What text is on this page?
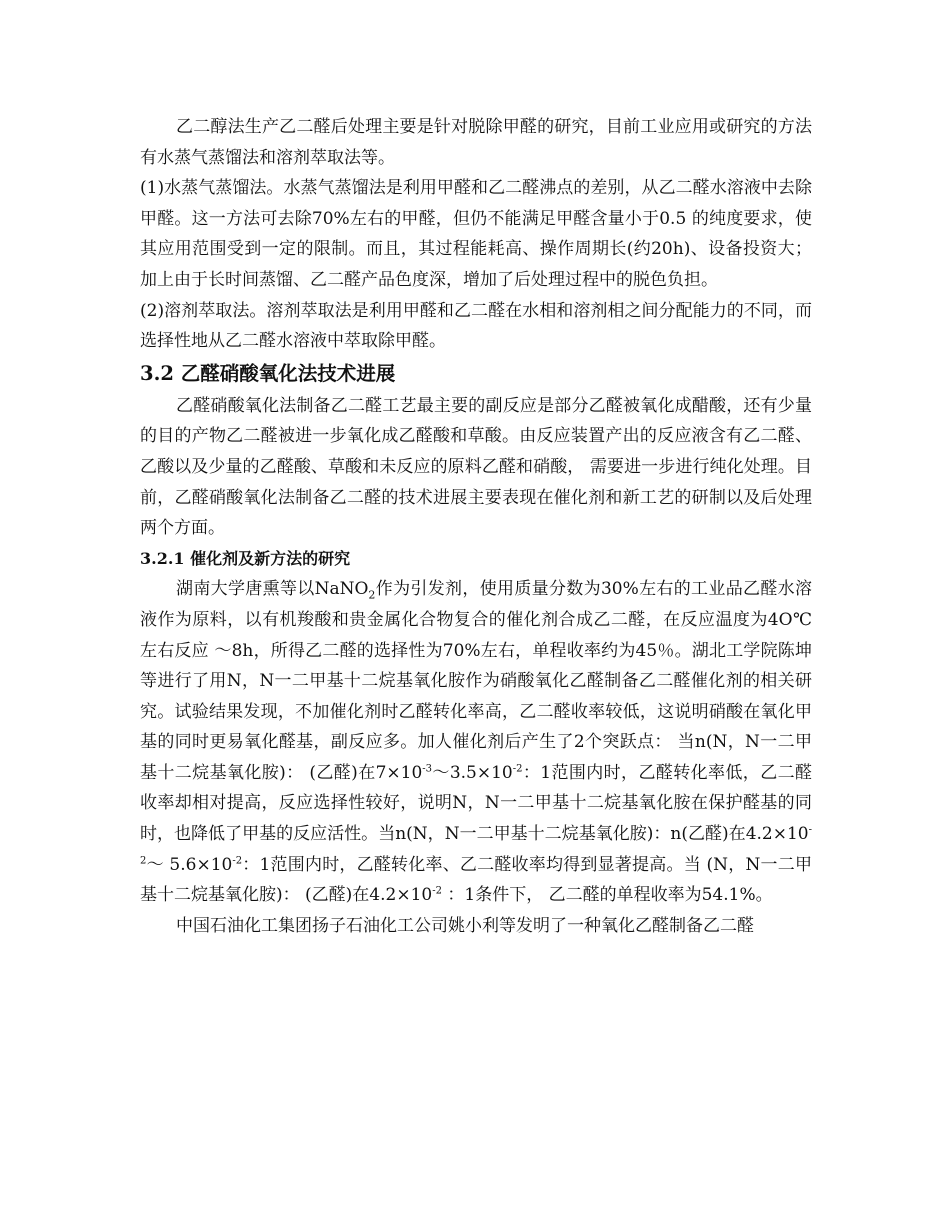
乙二醇法生产乙二醛后处理主要是针对脱除甲醛的研究，目前工业应用或研究的方法有水蒸气蒸馏法和溶剂萃取法等。

(1)水蒸气蒸馏法。水蒸气蒸馏法是利用甲醛和乙二醛沸点的差别，从乙二醛水溶液中去除甲醛。这一方法可去除70%左右的甲醛，但仍不能满足甲醛含量小于0.5 的纯度要求，使其应用范围受到一定的限制。而且，其过程能耗高、操作周期长(约20h)、设备投资大；加上由于长时间蒸馏、乙二醛产品色度深，增加了后处理过程中的脱色负担。

(2)溶剂萃取法。溶剂萃取法是利用甲醛和乙二醛在水相和溶剂相之间分配能力的不同，而选择性地从乙二醛水溶液中萃取除甲醛。

3.2 乙醛硝酸氧化法技术进展

乙醛硝酸氧化法制备乙二醛工艺最主要的副反应是部分乙醛被氧化成醋酸，还有少量的目的产物乙二醛被进一步氧化成乙醛酸和草酸。由反应装置产出的反应液含有乙二醛、乙酸以及少量的乙醛酸、草酸和未反应的原料乙醛和硝酸， 需要进一步进行纯化处理。目前，乙醛硝酸氧化法制备乙二醛的技术进展主要表现在催化剂和新工艺的研制以及后处理两个方面。

3.2.1 催化剂及新方法的研究

湖南大学唐熏等以NaNO$_2$作为引发剂，使用质量分数为30%左右的工业品乙醛水溶液作为原料，以有机羧酸和贵金属化合物复合的催化剂合成乙二醛，在反应温度为4O℃ 左右反应 ～8h，所得乙二醛的选择性为70%左右，单程收率约为45％。湖北工学院陈坤等进行了用N，N一二甲基十二烷基氧化胺作为硝酸氧化乙醛制备乙二醛催化剂的相关研究。试验结果发现，不加催化剂时乙醛转化率高，乙二醛收率较低，这说明硝酸在氧化甲基的同时更易氧化醛基，副反应多。加人催化剂后产生了2个突跃点： 当n(N，N一二甲基十二烷基氧化胺)： (乙醛)在$7\times 10^{-3}\sim 3.5\times 10^{-2}$：1范围内时，乙醛转化率低，乙二醛收率却相对提高，反应选择性较好，说明N，N一二甲基十二烷基氧化胺在保护醛基的同时，也降低了甲基的反应活性。当n(N，N一二甲基十二烷基氧化胺)：n(乙醛)在$4.2\times 10^{-2}\sim$ $5.6\times 10^{-2}$：1范围内时，乙醛转化率、乙二醛收率均得到显著提高。当 (N，N一二甲基十二烷基氧化胺)： (乙醛)在$4.2\times 10^{-2}$ ：1条件下， 乙二醛的单程收率为54.1%。

中国石油化工集团扬子石油化工公司姚小利等发明了一种氧化乙醛制备乙二醛
